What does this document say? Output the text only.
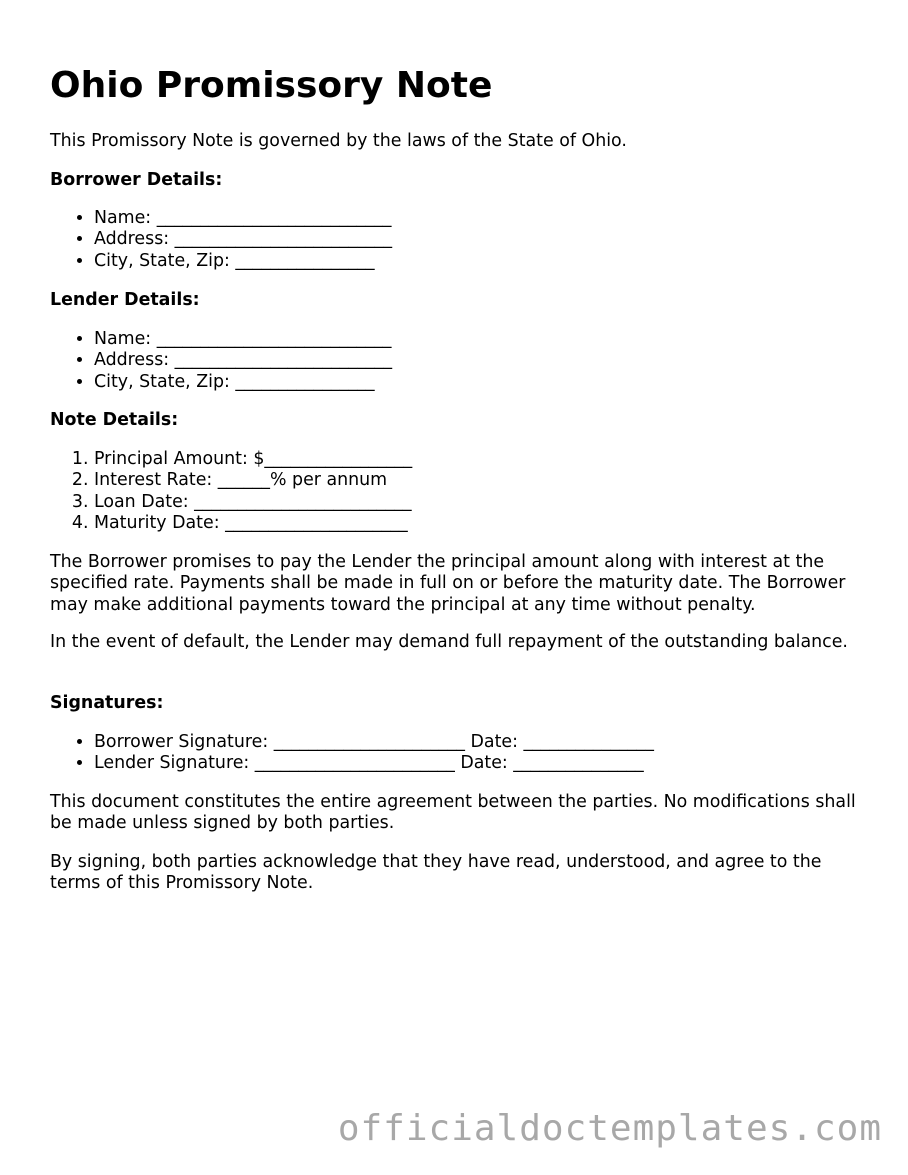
Ohio Promissory Note
This Promissory Note is governed by the laws of the State of Ohio.
Borrower Details:
• Name: ___________________________
• Address: _________________________
• City, State, Zip: ________________
Lender Details:
• Name: ___________________________
• Address: _________________________
• City, State, Zip: ________________
Note Details:
1. Principal Amount: $_________________
2. Interest Rate: ______% per annum
3. Loan Date: _________________________
4. Maturity Date: _____________________
The Borrower promises to pay the Lender the principal amount along with interest at the specified rate. Payments shall be made in full on or before the maturity date. The Borrower may make additional payments toward the principal at any time without penalty.
In the event of default, the Lender may demand full repayment of the outstanding balance.
Signatures:
• Borrower Signature: ______________________ Date: _______________
• Lender Signature: _______________________ Date: _______________
This document constitutes the entire agreement between the parties. No modifications shall be made unless signed by both parties.
By signing, both parties acknowledge that they have read, understood, and agree to the terms of this Promissory Note.
officialdoctemplates.com
